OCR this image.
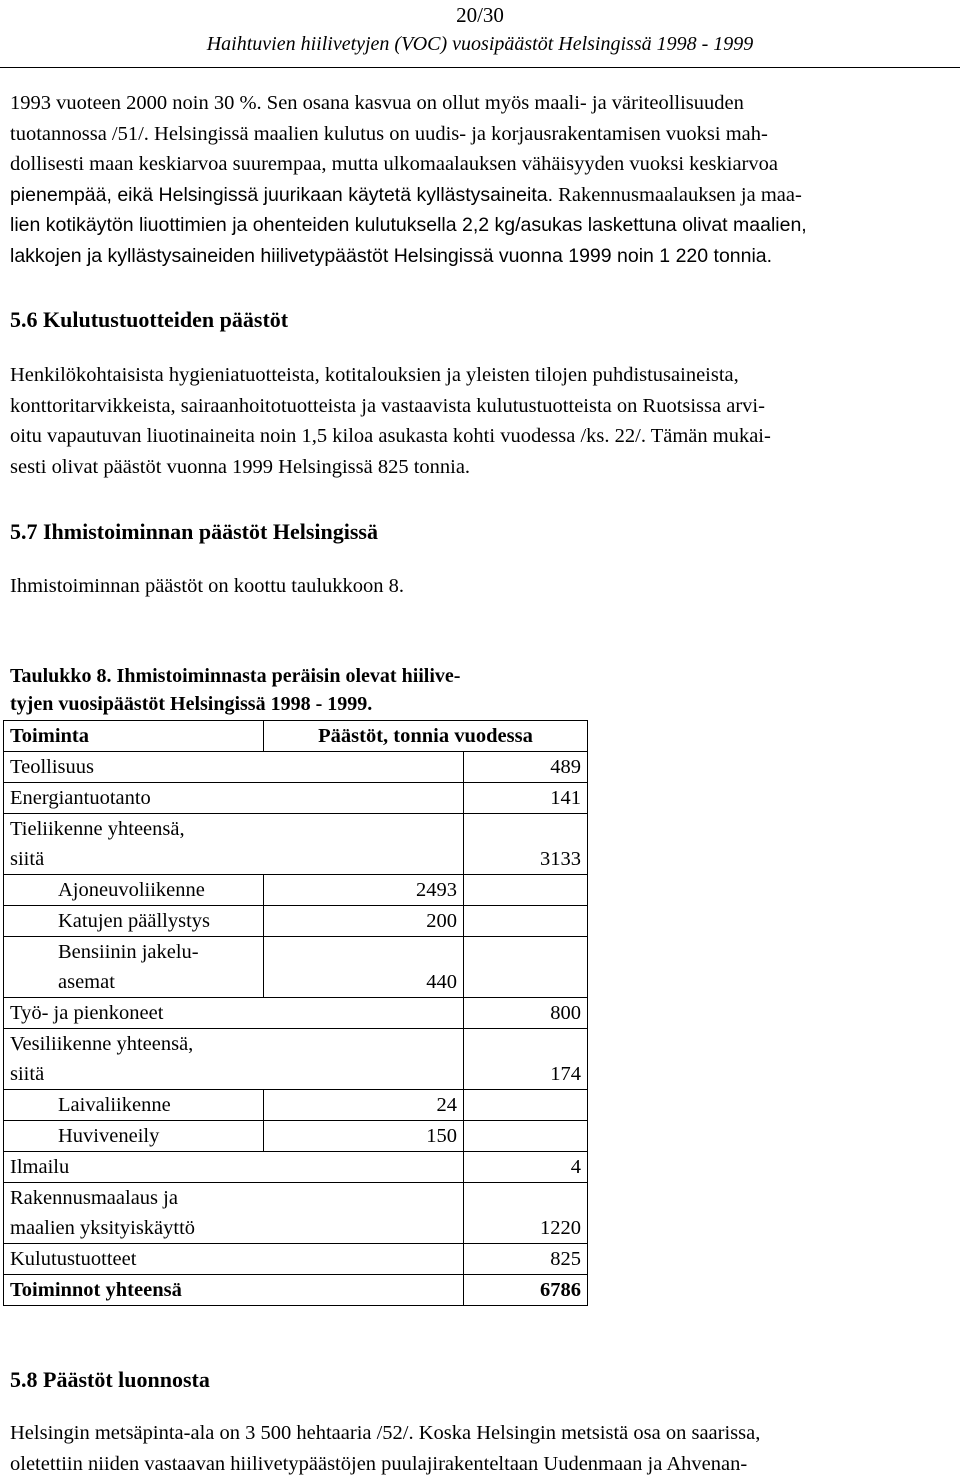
20/30
Haihtuvien hiilivetyjen (VOC) vuosipäästöt Helsingissä 1998 - 1999
1993 vuoteen 2000 noin 30 %. Sen osana kasvua on ollut myös maali- ja väriteollisuuden
tuotannossa /51/. Helsingissä maalien kulutus on uudis- ja korjausrakentamisen vuoksi mah-
dollisesti maan keskiarvoa suurempaa, mutta ulkomaalauksen vähäisyyden vuoksi keskiarvoa
pienempää, eikä Helsingissä juurikaan käytetä kyllästysaineita. Rakennusmaalauksen ja maa-
lien kotikäytön liuottimien ja ohenteiden kulutuksella 2,2 kg/asukas laskettuna olivat maalien,
lakkojen ja kyllästysaineiden hiilivetypäästöt Helsingissä vuonna 1999 noin 1 220 tonnia.
5.6 Kulutustuotteiden päästöt
Henkilökohtaisista hygieniatuotteista, kotitalouksien ja yleisten tilojen puhdistusaineista,
konttoritarvikkeista, sairaanhoitotuotteista ja vastaavista kulutustuotteista on Ruotsissa arvi-
oitu vapautuvan liuotinaineita noin 1,5 kiloa asukasta kohti vuodessa /ks. 22/. Tämän mukai-
sesti olivat päästöt vuonna 1999 Helsingissä 825 tonnia.
5.7 Ihmistoiminnan päästöt Helsingissä
Ihmistoiminnan päästöt on koottu taulukkoon 8.
Taulukko 8. Ihmistoiminnasta peräisin olevat hiilive-
tyjen vuosipäästöt Helsingissä 1998 - 1999.
Toiminta	Päästöt, tonnia vuodessa	
Teollisuus		489
Energiantuotanto		141

Tieliikenne yhteensä,
siitä		3133
Ajoneuvoliikenne	2493	
Katujen päällystys	200	

Bensiinin jakelu-
asemat	440	
Työ- ja pienkoneet		800

Vesiliikenne yhteensä,
siitä		174
Laivaliikenne	24	
Huviveneily	150	
Ilmailu		4

Rakennusmaalaus ja
maalien yksityiskäyttö		1220
Kulutustuotteet		825
Toiminnot yhteensä		6786
5.8 Päästöt luonnosta
Helsingin metsäpinta-ala on 3 500 hehtaaria /52/. Koska Helsingin metsistä osa on saarissa,
oletettiin niiden vastaavan hiilivetypäästöjen puulajirakenteltaan Uudenmaan ja Ahvenan-
